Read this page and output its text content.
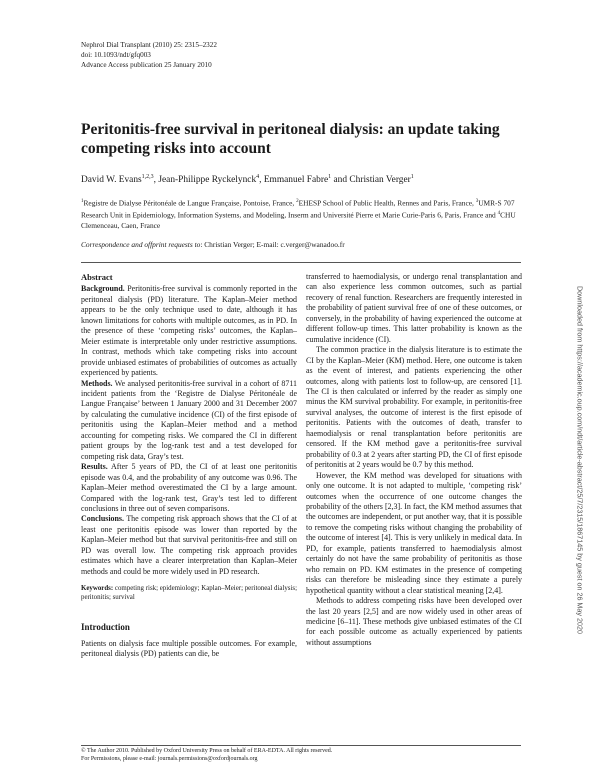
Nephrol Dial Transplant (2010) 25: 2315–2322
doi: 10.1093/ndt/gfq003
Advance Access publication 25 January 2010
Peritonitis-free survival in peritoneal dialysis: an update taking competing risks into account
David W. Evans$^{1,2,3}$, Jean-Philippe Ryckelynck$^4$, Emmanuel Fabre$^1$ and Christian Verger$^1$
$^1$Registre de Dialyse Péritonéale de Langue Française, Pontoise, France, $^2$EHESP School of Public Health, Rennes and Paris, France, $^3$UMR-S 707 Research Unit in Epidemiology, Information Systems, and Modeling, Inserm and Université Pierre et Marie Curie-Paris 6, Paris, France and $^4$CHU Clemenceau, Caen, France
Correspondence and offprint requests to: Christian Verger; E-mail: c.verger@wanadoo.fr

Abstract

Background. Peritonitis-free survival is commonly reported in the peritoneal dialysis (PD) literature. The Kaplan–Meier method appears to be the only technique used to date, although it has known limitations for cohorts with multiple outcomes, as in PD. In the presence of these ‘competing risks’ outcomes, the Kaplan–Meier estimate is interpretable only under restrictive assumptions. In contrast, methods which take competing risks into account provide unbiased estimates of probabilities of outcomes as actually experienced by patients.

Methods. We analysed peritonitis-free survival in a cohort of 8711 incident patients from the ‘Registre de Dialyse Péritonéale de Langue Française’ between 1 January 2000 and 31 December 2007 by calculating the cumulative incidence (CI) of the first episode of peritonitis using the Kaplan–Meier method and a method accounting for competing risks. We compared the CI in different patient groups by the log-rank test and a test developed for competing risk data, Gray’s test.

Results. After 5 years of PD, the CI of at least one peritonitis episode was 0.4, and the probability of any outcome was 0.96. The Kaplan–Meier method overestimated the CI by a large amount. Compared with the log-rank test, Gray’s test led to different conclusions in three out of seven comparisons.

Conclusions. The competing risk approach shows that the CI of at least one peritonitis episode was lower than reported by the Kaplan–Meier method but that survival peritonitis-free and still on PD was overall low. The competing risk approach provides estimates which have a clearer interpretation than Kaplan–Meier methods and could be more widely used in PD research.

Keywords: competing risk; epidemiology; Kaplan–Meier; peritoneal dialysis; peritonitis; survival

Introduction

Patients on dialysis face multiple possible outcomes. For example, peritoneal dialysis (PD) patients can die, be

transferred to haemodialysis, or undergo renal transplantation and can also experience less common outcomes, such as partial recovery of renal function. Researchers are frequently interested in the probability of patient survival free of one of these outcomes, or conversely, in the probability of having experienced the outcome at different follow-up times. This latter probability is known as the cumulative incidence (CI).

The common practice in the dialysis literature is to estimate the CI by the Kaplan–Meier (KM) method. Here, one outcome is taken as the event of interest, and patients experiencing the other outcomes, along with patients lost to follow-up, are censored [1]. The CI is then calculated or inferred by the reader as simply one minus the KM survival probability. For example, in peritonitis-free survival analyses, the outcome of interest is the first episode of peritonitis. Patients with the outcomes of death, transfer to haemodialysis or renal transplantation before peritonitis are censored. If the KM method gave a peritonitis-free survival probability of 0.3 at 2 years after starting PD, the CI of first episode of peritonitis at 2 years would be 0.7 by this method.

However, the KM method was developed for situations with only one outcome. It is not adapted to multiple, ‘competing risk’ outcomes when the occurrence of one outcome changes the probability of the others [2,3]. In fact, the KM method assumes that the outcomes are independent, or put another way, that it is possible to remove the competing risks without changing the probability of the outcome of interest [4]. This is very unlikely in medical data. In PD, for example, patients transferred to haemodialysis almost certainly do not have the same probability of peritonitis as those who remain on PD. KM estimates in the presence of competing risks can therefore be misleading since they estimate a purely hypothetical quantity without a clear statistical meaning [2,4].

Methods to address competing risks have been developed over the last 20 years [2,5] and are now widely used in other areas of medicine [6–11]. These methods give unbiased estimates of the CI for each possible outcome as actually experienced by patients without assumptions

© The Author 2010. Published by Oxford University Press on behalf of ERA-EDTA. All rights reserved.
For Permissions, please e-mail: journals.permissions@oxfordjournals.org
Downloaded from https://academic.oup.com/ndt/article-abstract/25/7/2315/1867145 by guest on 26 May 2020
